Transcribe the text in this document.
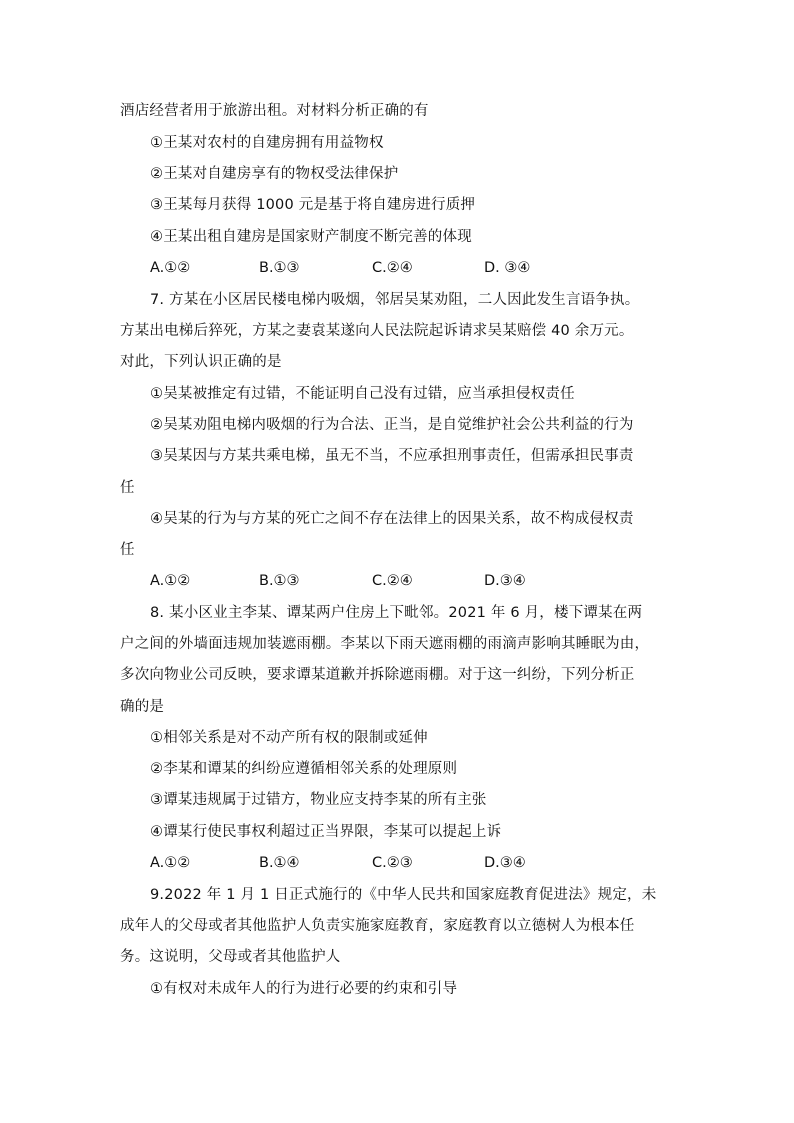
酒店经营者用于旅游出租。对材料分析正确的有
①王某对农村的自建房拥有用益物权
②王某对自建房享有的物权受法律保护
③王某每月获得 1000 元是基于将自建房进行质押
④王某出租自建房是国家财产制度不断完善的体现
A.①②	B.①③	C.②④	D. ③④
7. 方某在小区居民楼电梯内吸烟，邻居吴某劝阻，二人因此发生言语争执。
方某出电梯后猝死，方某之妻袁某遂向人民法院起诉请求吴某赔偿 40 余万元。
对此，下列认识正确的是
①吴某被推定有过错，不能证明自己没有过错，应当承担侵权责任
②吴某劝阻电梯内吸烟的行为合法、正当，是自觉维护社会公共利益的行为
③吴某因与方某共乘电梯，虽无不当，不应承担刑事责任，但需承担民事责
任
④吴某的行为与方某的死亡之间不存在法律上的因果关系，故不构成侵权责
任
A.①②	B.①③	C.②④	D.③④
8. 某小区业主李某、谭某两户住房上下毗邻。2021 年 6 月，楼下谭某在两
户之间的外墙面违规加装遮雨棚。李某以下雨天遮雨棚的雨滴声影响其睡眠为由，
多次向物业公司反映，要求谭某道歉并拆除遮雨棚。对于这一纠纷，下列分析正
确的是
①相邻关系是对不动产所有权的限制或延伸
②李某和谭某的纠纷应遵循相邻关系的处理原则
③谭某违规属于过错方，物业应支持李某的所有主张
④谭某行使民事权利超过正当界限，李某可以提起上诉
A.①②	B.①④	C.②③	D.③④
9.2022 年 1 月 1 日正式施行的《中华人民共和国家庭教育促进法》规定，未
成年人的父母或者其他监护人负责实施家庭教育，家庭教育以立德树人为根本任
务。这说明，父母或者其他监护人
①有权对未成年人的行为进行必要的约束和引导
